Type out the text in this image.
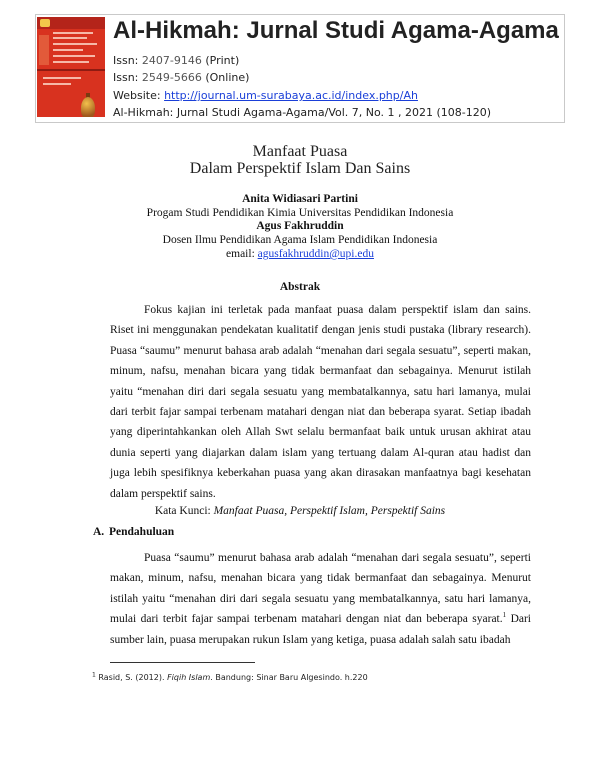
Al-Hikmah: Jurnal Studi Agama-Agama

Issn: 2407-9146 (Print)

Issn: 2549-5666 (Online)

Website: http://journal.um-surabaya.ac.id/index.php/Ah

Al-Hikmah: Jurnal Studi Agama-Agama/Vol. 7, No. 1 , 2021 (108-120)

Manfaat Puasa
Dalam Perspektif Islam Dan Sains
Anita Widiasari Partini
Progam Studi Pendidikan Kimia Universitas Pendidikan Indonesia
Agus Fakhruddin
Dosen Ilmu Pendidikan Agama Islam Pendidikan Indonesia
email: agusfakhruddin@upi.edu
Abstrak

Fokus kajian ini terletak pada manfaat puasa dalam perspektif islam dan sains. Riset ini menggunakan pendekatan kualitatif dengan jenis studi pustaka (library research). Puasa “saumu” menurut bahasa arab adalah “menahan dari segala sesuatu”, seperti makan, minum, nafsu, menahan bicara yang tidak bermanfaat dan sebagainya. Menurut istilah yaitu “menahan diri dari segala sesuatu yang membatalkannya, satu hari lamanya, mulai dari terbit fajar sampai terbenam matahari dengan niat dan beberapa syarat. Setiap ibadah yang diperintahkankan oleh Allah Swt selalu bermanfaat baik untuk urusan akhirat atau dunia seperti yang diajarkan dalam islam yang tertuang dalam Al-quran atau hadist dan juga lebih spesifiknya keberkahan puasa yang akan dirasakan manfaatnya bagi kesehatan dalam perspektif sains.

Kata Kunci: Manfaat Puasa, Perspektif Islam, Perspektif Sains

A. Pendahuluan

Puasa “saumu” menurut bahasa arab adalah “menahan dari segala sesuatu”, seperti makan, minum, nafsu, menahan bicara yang tidak bermanfaat dan sebagainya. Menurut istilah yaitu “menahan diri dari segala sesuatu yang membatalkannya, satu hari lamanya, mulai dari terbit fajar sampai terbenam matahari dengan niat dan beberapa syarat.$^1$ Dari sumber lain, puasa merupakan rukun Islam yang ketiga, puasa adalah salah satu ibadah

$^1$ Rasid, S. (2012). Fiqih Islam. Bandung: Sinar Baru Algesindo. h.220
